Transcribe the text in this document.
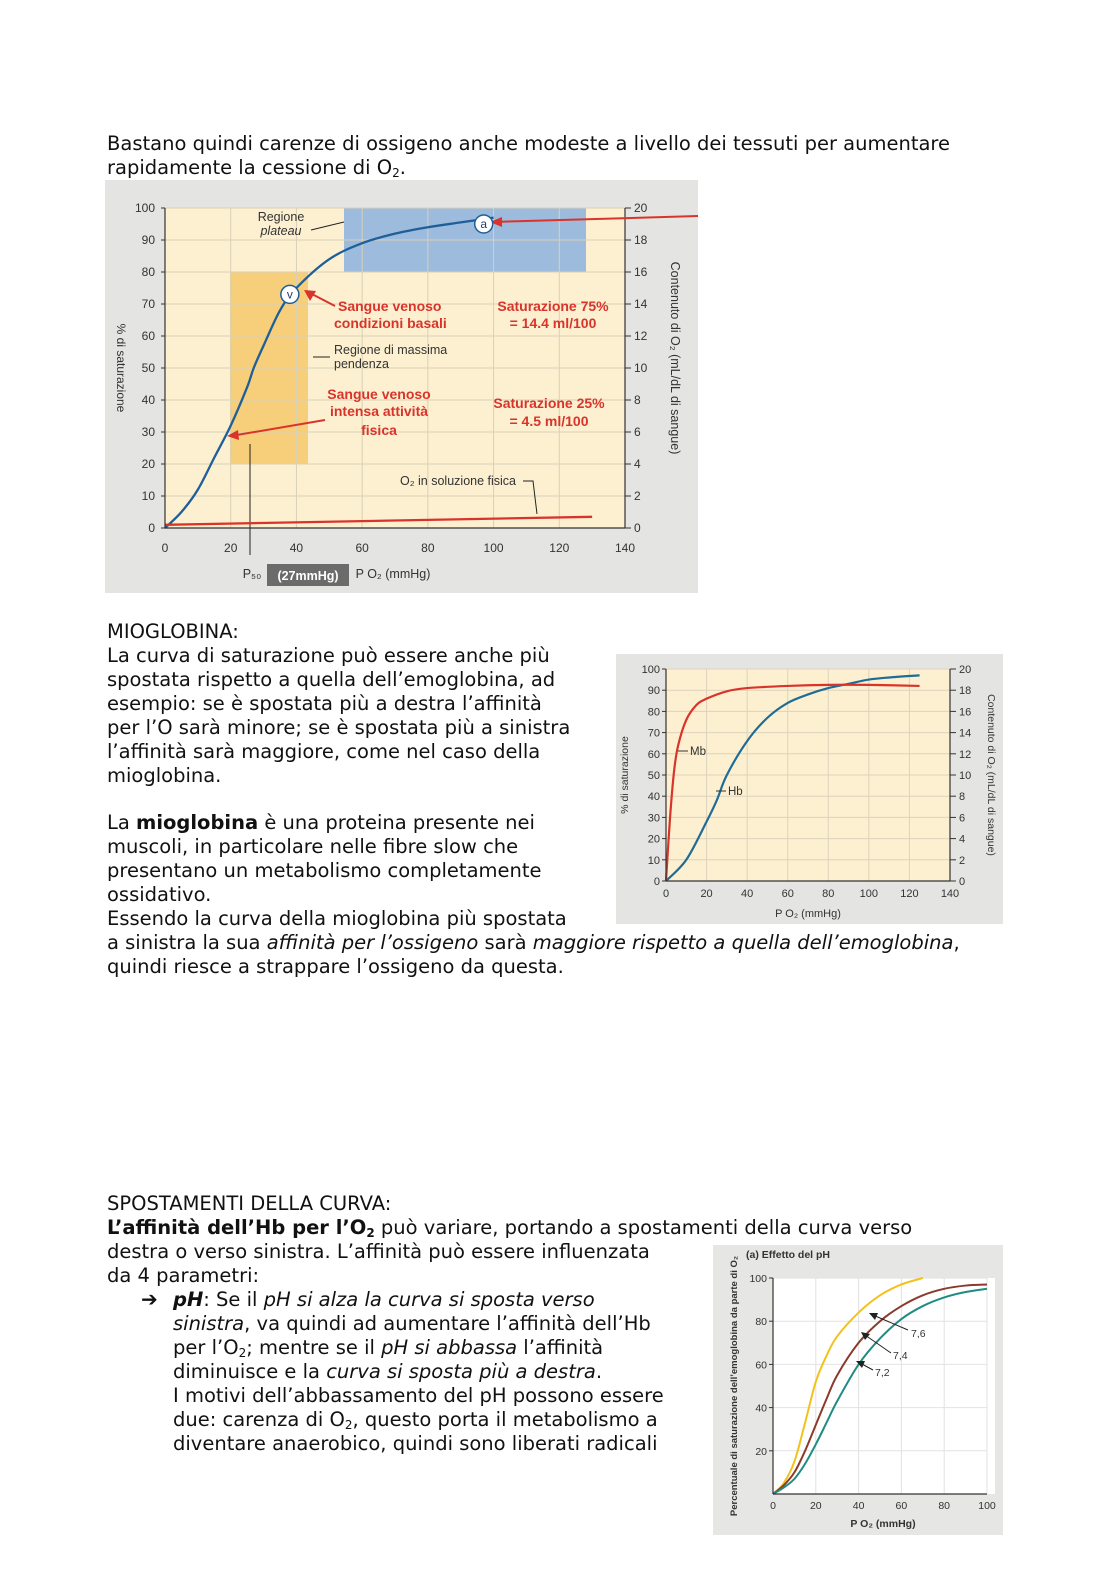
Bastano quindi carenze di ossigeno anche modeste a livello dei tessuti per aumentare

rapidamente la cessione di $O_2$.

0	20	40	60	80	100	120	140
0
10
20
30
40
50
60
70
80
90
100
0
2
4
6
8
10
12
14
16
18
20
a
v
Regione
plateau
Sangue venoso
condizioni basali
Regione di massima
pendenza
Sangue venoso
intensa attività
fisica
Saturazione 75%
= 14.4 ml/100
Saturazione 25%
= 4.5 ml/100
O₂ in soluzione fisica
P₅₀ (27mmHg) P O₂ (mmHg)
% di saturazione	Contenuto di O₂ (mL/dL di sangue)

MIOGLOBINA:

La curva di saturazione può essere anche più

spostata rispetto a quella dell’emoglobina, ad

esempio: se è spostata più a destra l’affinità

per l’O sarà minore; se è spostata più a sinistra

l’affinità sarà maggiore, come nel caso della

mioglobina.

La mioglobina è una proteina presente nei

muscoli, in particolare nelle fibre slow che

presentano un metabolismo completamente

ossidativo.

Essendo la curva della mioglobina più spostata

a sinistra la sua affinità per l’ossigeno sarà maggiore rispetto a quella dell’emoglobina,

quindi riesce a strappare l’ossigeno da questa.

0	20	40	60	80 100 120 140
0
10
20
30
40
50
60
70
80
90
100
0
2
4
6
8
10
12
14
16
18
20
Mb
Hb
P O₂ (mmHg)
% di saturazione	Contenuto di O₂ (mL/dL di sangue)

SPOSTAMENTI DELLA CURVA:

L’affinità dell’Hb per $l’O_2$ può variare, portando a spostamenti della curva verso

destra o verso sinistra. L’affinità può essere influenzata

da 4 parametri:

➔ pH: Se il pH si alza la curva si sposta verso

sinistra, va quindi ad aumentare l’affinità dell’Hb

per $l’O_2$; mentre se il pH si abbassa l’affinità

diminuisce e la curva si sposta più a destra.

I motivi dell’abbassamento del pH possono essere

due: carenza di $O_2$, questo porta il metabolismo a

diventare anaerobico, quindi sono liberati radicali

0	20	40	60	80	100
20
40
60
80
100
(a) Effetto del pH
7,6
7,4
7,2
P O₂ (mmHg)
Percentuale di saturazione dell’emoglobina da parte di O₂
